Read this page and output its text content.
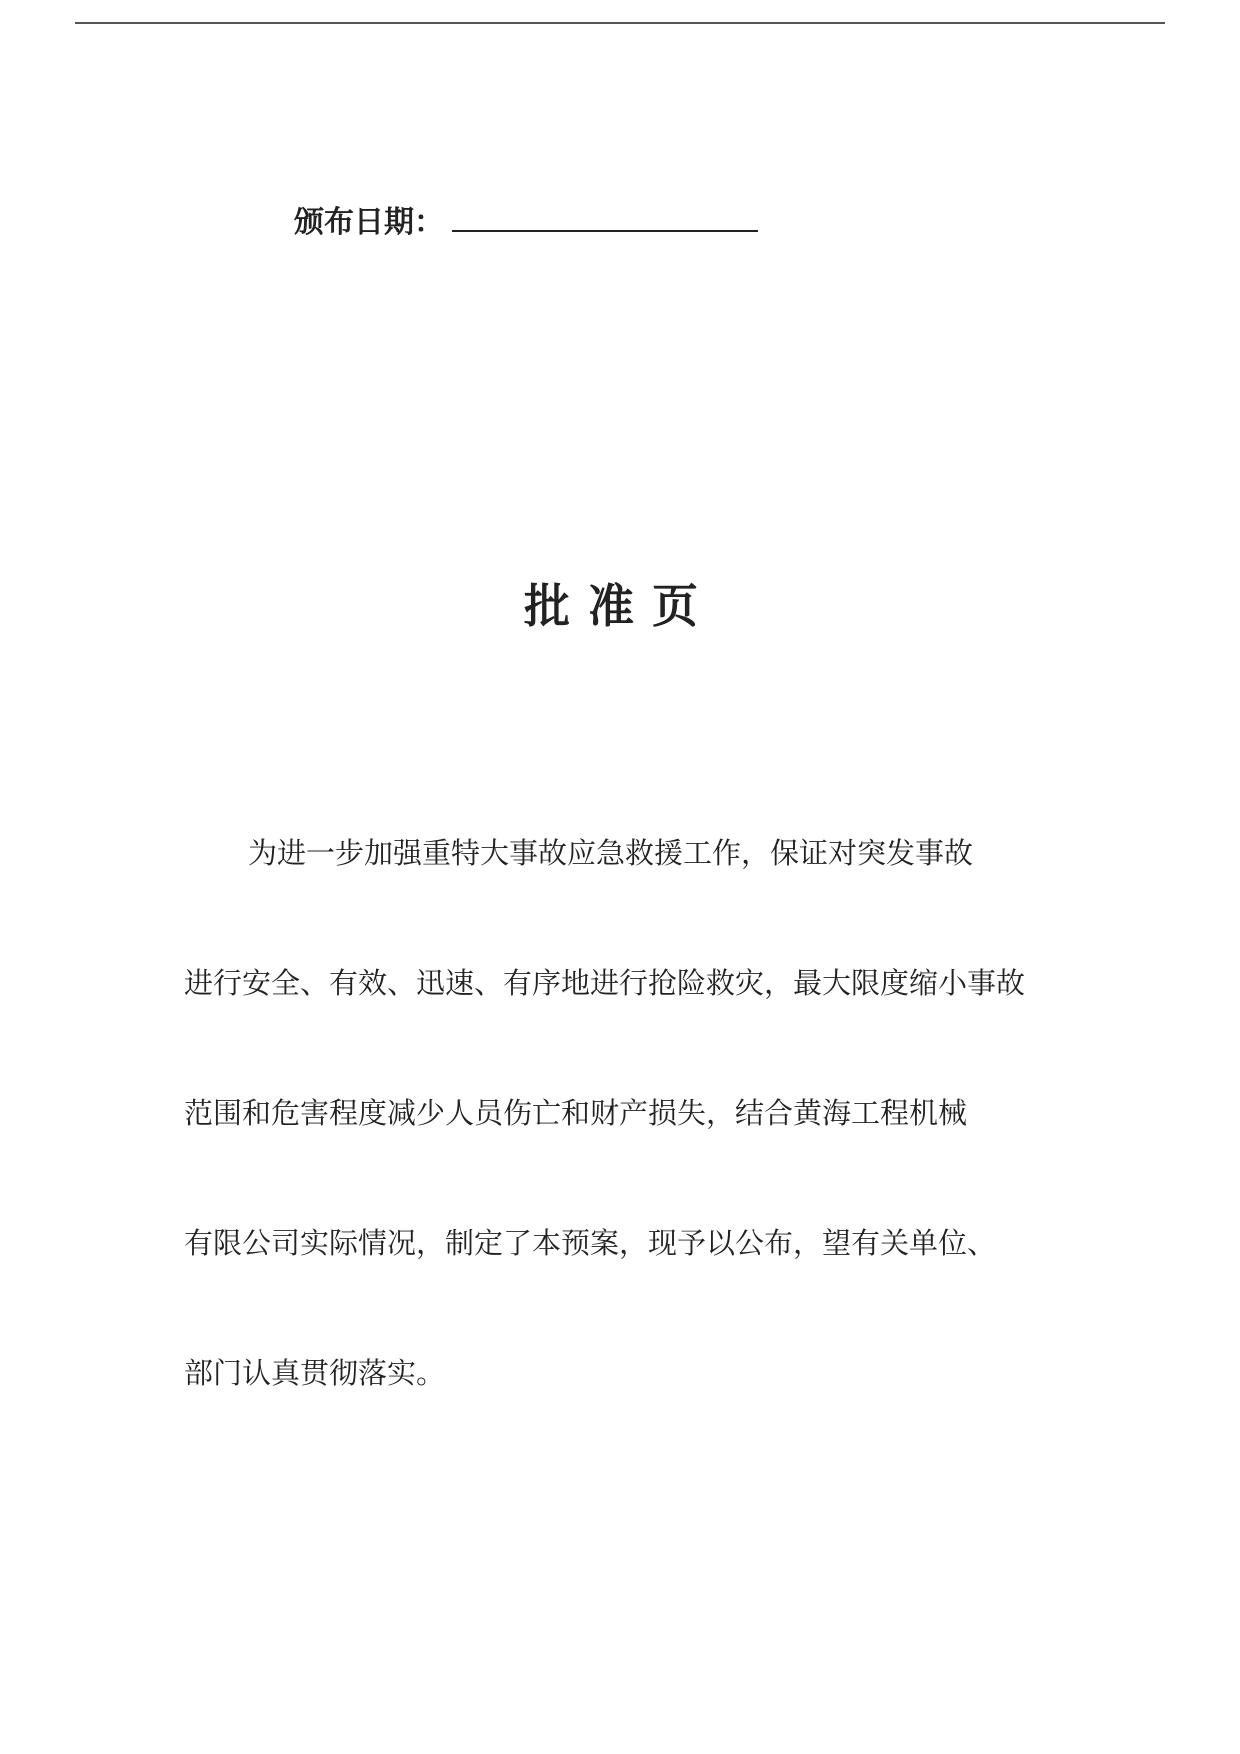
颁布日期：
批准页
为进一步加强重特大事故应急救援工作，保证对突发事故
进行安全、有效、迅速、有序地进行抢险救灾，最大限度缩小事故
范围和危害程度减少人员伤亡和财产损失，结合黄海工程机械
有限公司实际情况，制定了本预案，现予以公布，望有关单位、
部门认真贯彻落实。
